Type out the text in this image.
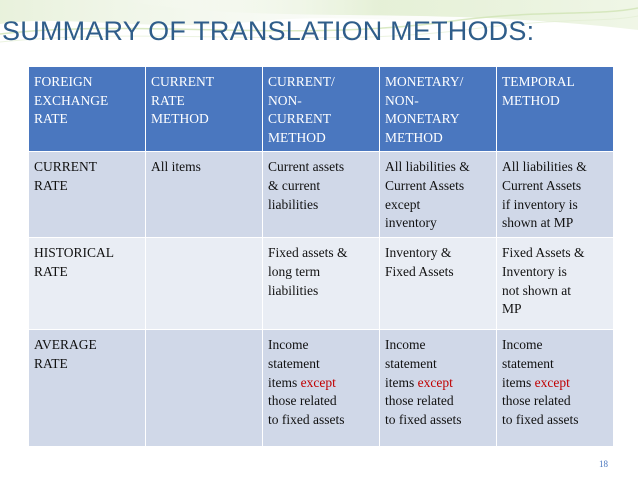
SUMMARY OF TRANSLATION METHODS:
FOREIGN
EXCHANGE
RATE	CURRENT
RATE
METHOD	CURRENT/
NON-
CURRENT
METHOD	MONETARY/
NON-
MONETARY
METHOD	TEMPORAL
METHOD
CURRENT
RATE	All items	Current assets
& current
liabilities	All liabilities &
Current Assets
except
inventory	All liabilities &
Current Assets
if inventory is
shown at MP
HISTORICAL
RATE		Fixed assets &
long term
liabilities	Inventory &
Fixed Assets	Fixed Assets &
Inventory is
not shown at
MP
AVERAGE
RATE		Income
statement
items except
those related
to fixed assets	Income
statement
items except
those related
to fixed assets	Income
statement
items except
those related
to fixed assets
18
